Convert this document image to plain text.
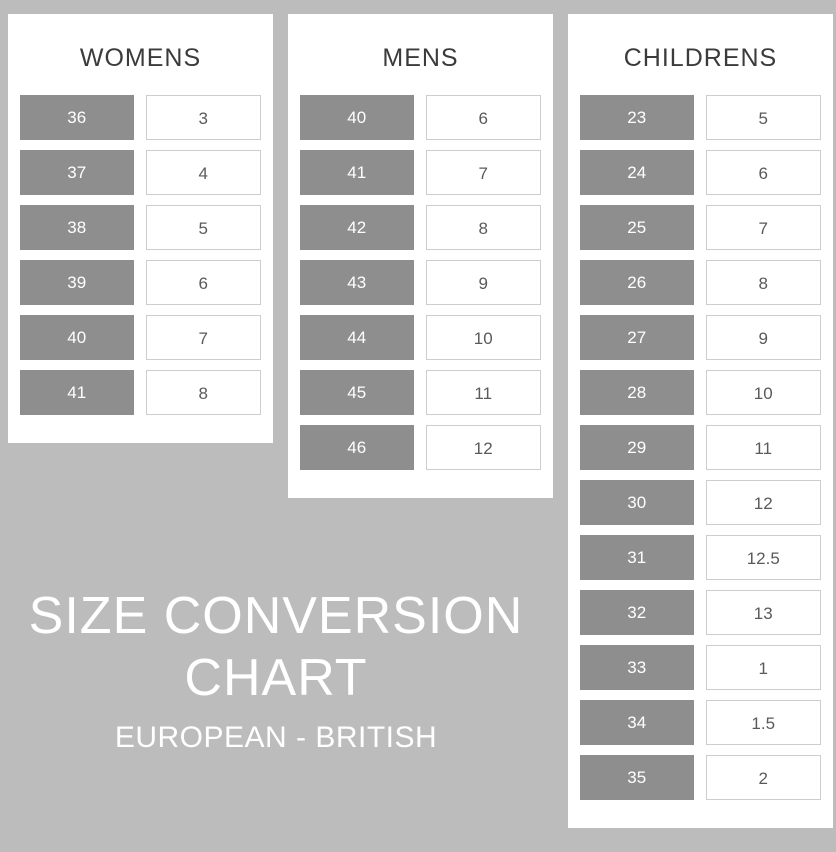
WOMENS
36	3
37	4
38	5
39	6
40	7
41	8
MENS
40	6
41	7
42	8
43	9
44	10
45	11
46	12
CHILDRENS
23	5
24	6
25	7
26	8
27	9
28	10
29	11
30	12
31	12.5
32	13
33	1
34	1.5
35	2
SIZE CONVERSION
CHART
EUROPEAN - BRITISH
